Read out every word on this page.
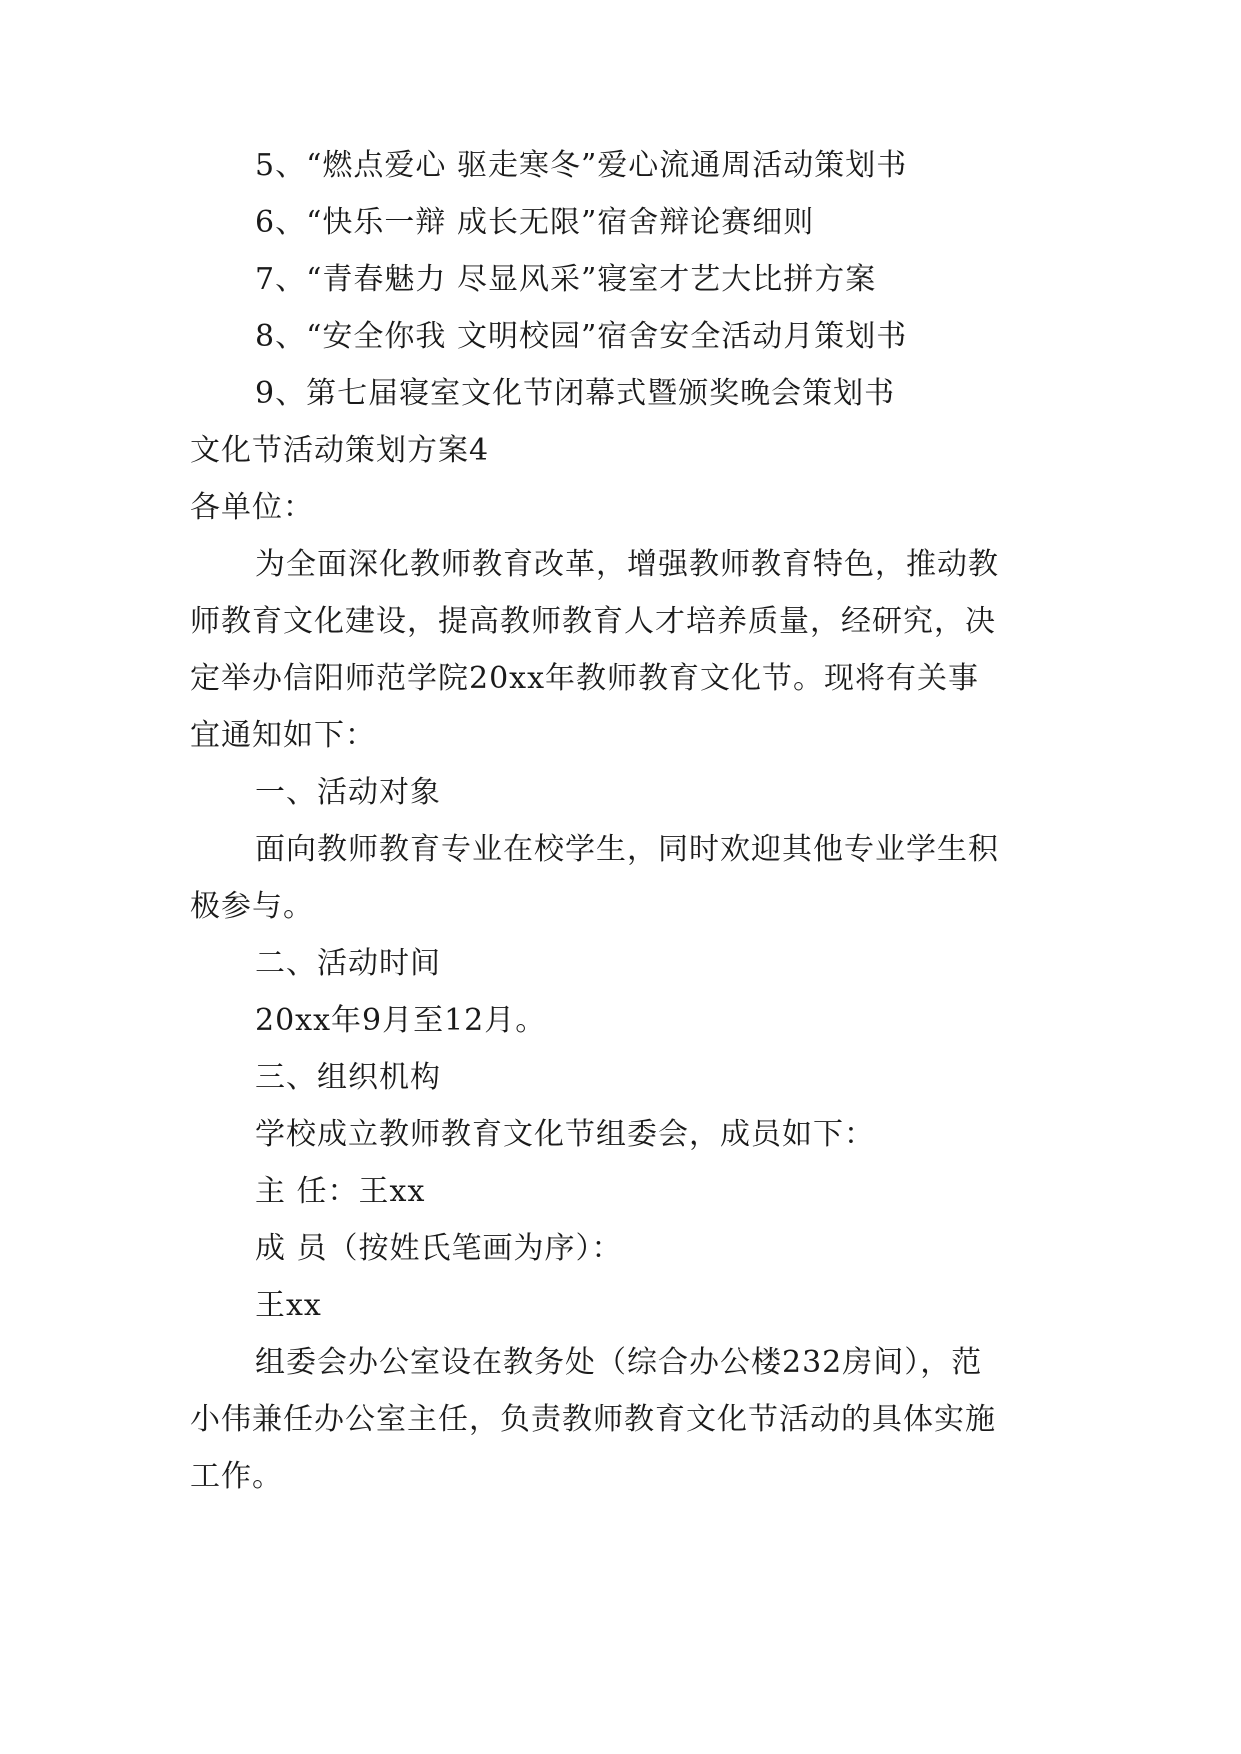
5、“燃点爱心 驱走寒冬”爱心流通周活动策划书
6、“快乐一辩 成长无限”宿舍辩论赛细则
7、“青春魅力 尽显风采”寝室才艺大比拼方案
8、“安全你我 文明校园”宿舍安全活动月策划书
9、第七届寝室文化节闭幕式暨颁奖晚会策划书
文化节活动策划方案4
各单位：
为全面深化教师教育改革，增强教师教育特色，推动教
师教育文化建设，提高教师教育人才培养质量，经研究，决
定举办信阳师范学院20xx年教师教育文化节。现将有关事
宜通知如下：
一、活动对象
面向教师教育专业在校学生，同时欢迎其他专业学生积
极参与。
二、活动时间
20xx年9月至12月。
三、组织机构
学校成立教师教育文化节组委会，成员如下：
主 任：王xx
成 员（按姓氏笔画为序）：
王xx
组委会办公室设在教务处（综合办公楼232房间），范
小伟兼任办公室主任，负责教师教育文化节活动的具体实施
工作。
